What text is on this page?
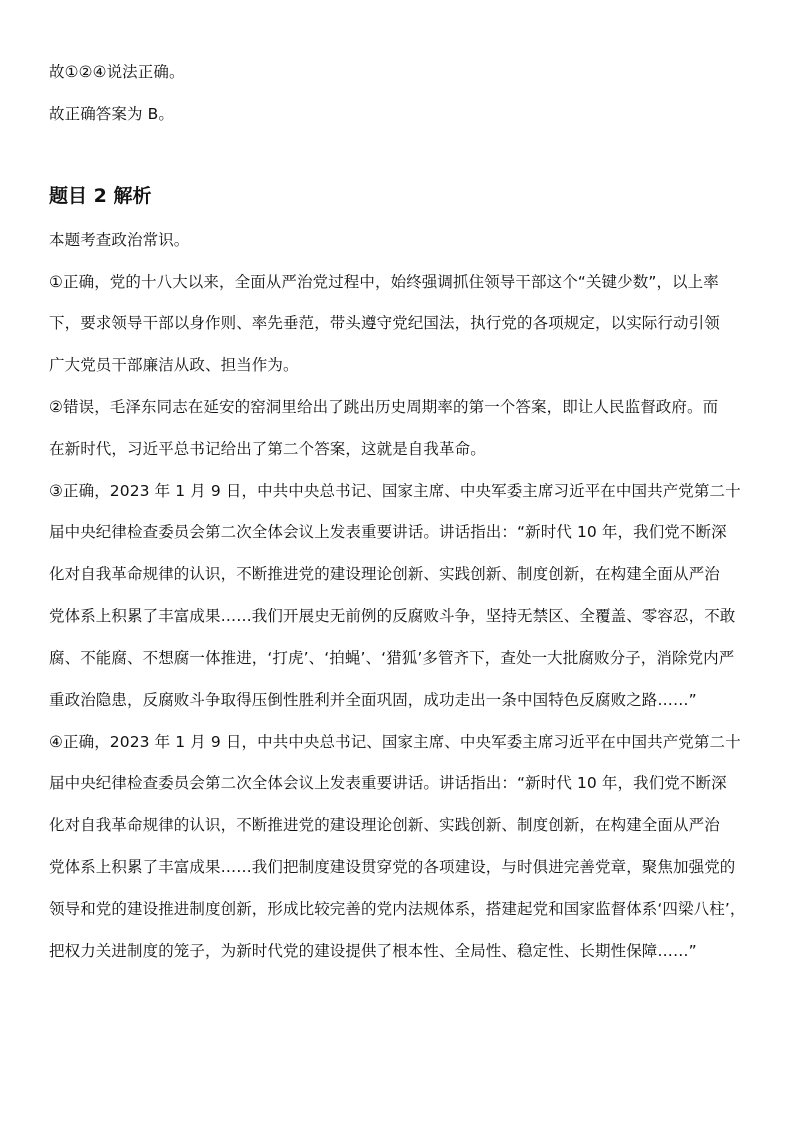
故①②④说法正确。
故正确答案为 B。
题目 2 解析
本题考查政治常识。
①正确，党的十八大以来，全面从严治党过程中，始终强调抓住领导干部这个“关键少数”，以上率
下，要求领导干部以身作则、率先垂范，带头遵守党纪国法，执行党的各项规定，以实际行动引领
广大党员干部廉洁从政、担当作为。
②错误，毛泽东同志在延安的窑洞里给出了跳出历史周期率的第一个答案，即让人民监督政府。而
在新时代，习近平总书记给出了第二个答案，这就是自我革命。
③正确，2023 年 1 月 9 日，中共中央总书记、国家主席、中央军委主席习近平在中国共产党第二十
届中央纪律检查委员会第二次全体会议上发表重要讲话。讲话指出：“新时代 10 年，我们党不断深
化对自我革命规律的认识，不断推进党的建设理论创新、实践创新、制度创新，在构建全面从严治
党体系上积累了丰富成果……我们开展史无前例的反腐败斗争，坚持无禁区、全覆盖、零容忍，不敢
腐、不能腐、不想腐一体推进，‘打虎’、‘拍蝇’、‘猎狐’多管齐下，查处一大批腐败分子，消除党内严
重政治隐患，反腐败斗争取得压倒性胜利并全面巩固，成功走出一条中国特色反腐败之路……”
④正确，2023 年 1 月 9 日，中共中央总书记、国家主席、中央军委主席习近平在中国共产党第二十
届中央纪律检查委员会第二次全体会议上发表重要讲话。讲话指出：“新时代 10 年，我们党不断深
化对自我革命规律的认识，不断推进党的建设理论创新、实践创新、制度创新，在构建全面从严治
党体系上积累了丰富成果……我们把制度建设贯穿党的各项建设，与时俱进完善党章，聚焦加强党的
领导和党的建设推进制度创新，形成比较完善的党内法规体系，搭建起党和国家监督体系‘四梁八柱’，
把权力关进制度的笼子，为新时代党的建设提供了根本性、全局性、稳定性、长期性保障……”
